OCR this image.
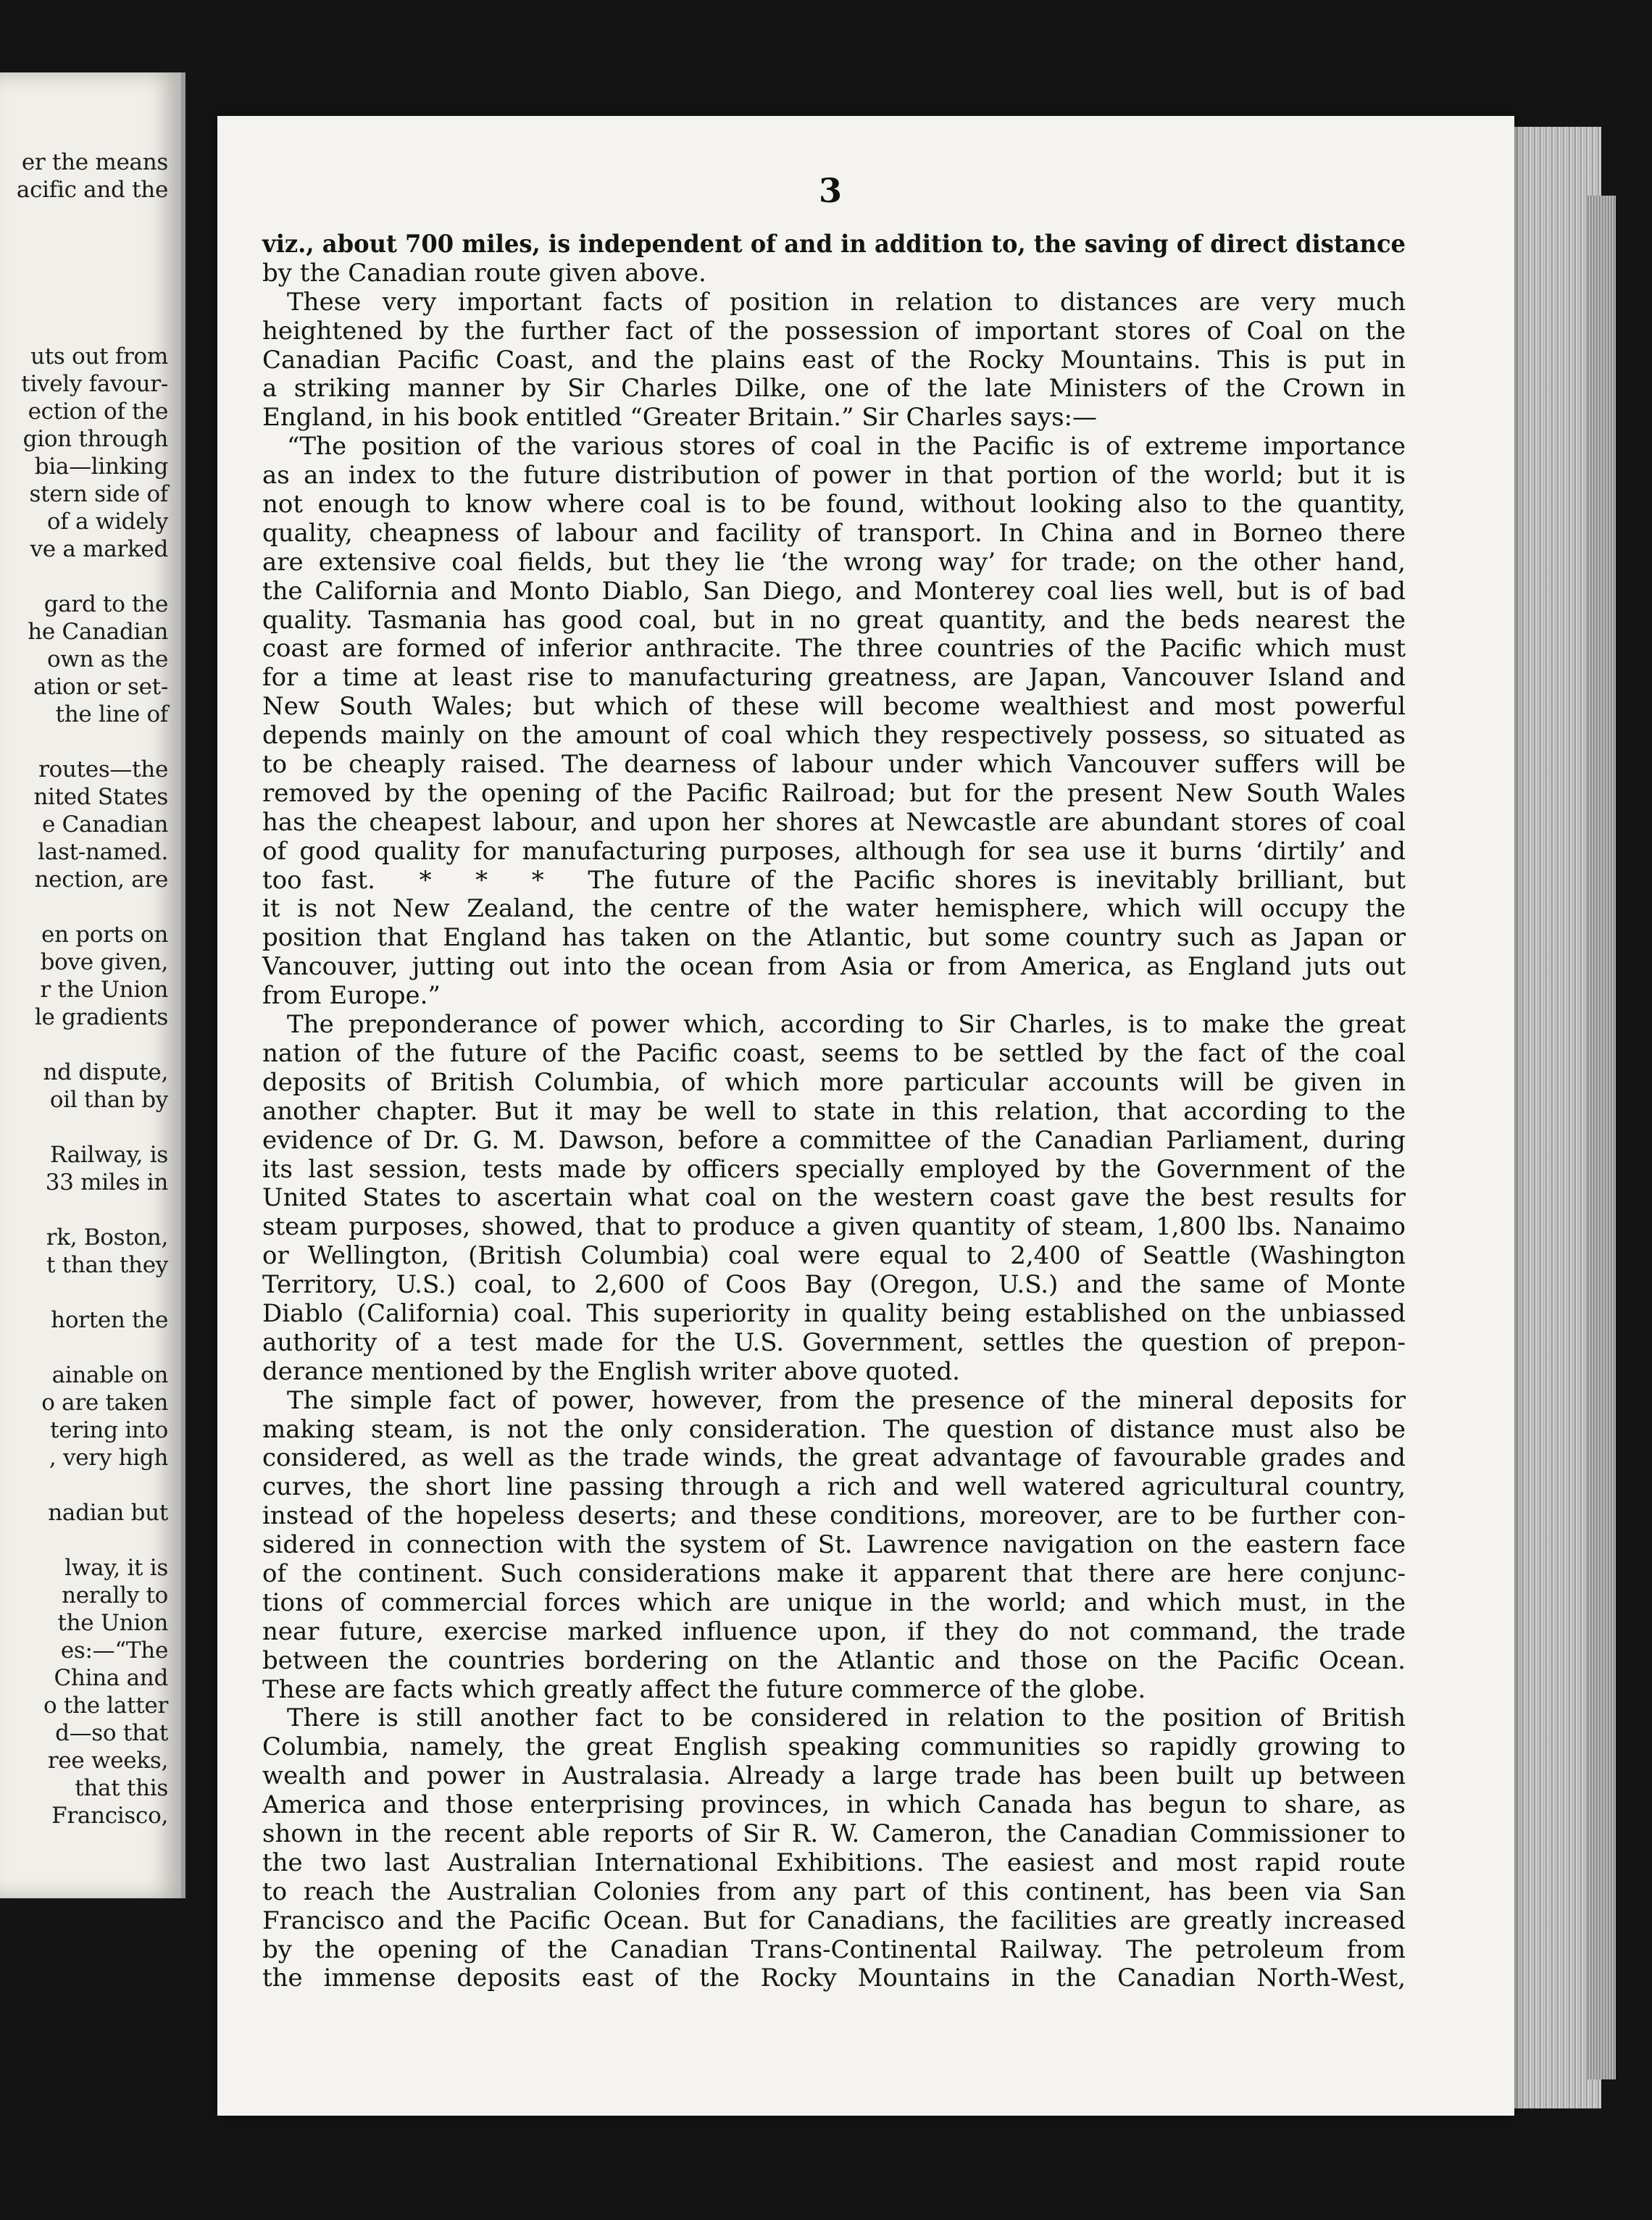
er the means
acific and the
uts out from
tively favour-
ection of the
gion through
bia—linking
stern side of
of a widely
ve a marked
gard to the
he Canadian
own as the
ation or set-
the line of
routes—the
nited States
e Canadian
last-named.
nection, are
en ports on
bove given,
r the Union
le gradients
nd dispute,
oil than by
Railway, is
33 miles in
rk, Boston,
t than they
horten the
ainable on
o are taken
tering into
, very high
nadian but
lway, it is
nerally to
the Union
es:—“The
China and
o the latter
d—so that
ree weeks,
that this
Francisco,
3
viz., about 700 miles, is independent of and in addition to, the saving of direct distance
by the Canadian route given above.
 These very important facts of position in relation to distances are very much
heightened by the further fact of the possession of important stores of Coal on the
Canadian Pacific Coast, and the plains east of the Rocky Mountains. This is put in
a striking manner by Sir Charles Dilke, one of the late Ministers of the Crown in
England, in his book entitled “Greater Britain.” Sir Charles says:—
 “The position of the various stores of coal in the Pacific is of extreme importance
as an index to the future distribution of power in that portion of the world; but it is
not enough to know where coal is to be found, without looking also to the quantity,
quality, cheapness of labour and facility of transport. In China and in Borneo there
are extensive coal fields, but they lie ‘the wrong way’ for trade; on the other hand,
the California and Monto Diablo, San Diego, and Monterey coal lies well, but is of bad
quality. Tasmania has good coal, but in no great quantity, and the beds nearest the
coast are formed of inferior anthracite. The three countries of the Pacific which must
for a time at least rise to manufacturing greatness, are Japan, Vancouver Island and
New South Wales; but which of these will become wealthiest and most powerful
depends mainly on the amount of coal which they respectively possess, so situated as
to be cheaply raised. The dearness of labour under which Vancouver suffers will be
removed by the opening of the Pacific Railroad; but for the present New South Wales
has the cheapest labour, and upon her shores at Newcastle are abundant stores of coal
of good quality for manufacturing purposes, although for sea use it burns ‘dirtily’ and
too fast.  *  *  *  The future of the Pacific shores is inevitably brilliant, but
it is not New Zealand, the centre of the water hemisphere, which will occupy the
position that England has taken on the Atlantic, but some country such as Japan or
Vancouver, jutting out into the ocean from Asia or from America, as England juts out
from Europe.”
 The preponderance of power which, according to Sir Charles, is to make the great
nation of the future of the Pacific coast, seems to be settled by the fact of the coal
deposits of British Columbia, of which more particular accounts will be given in
another chapter. But it may be well to state in this relation, that according to the
evidence of Dr. G. M. Dawson, before a committee of the Canadian Parliament, during
its last session, tests made by officers specially employed by the Government of the
United States to ascertain what coal on the western coast gave the best results for
steam purposes, showed, that to produce a given quantity of steam, 1,800 lbs. Nanaimo
or Wellington, (British Columbia) coal were equal to 2,400 of Seattle (Washington
Territory, U.S.) coal, to 2,600 of Coos Bay (Oregon, U.S.) and the same of Monte
Diablo (California) coal. This superiority in quality being established on the unbiassed
authority of a test made for the U.S. Government, settles the question of prepon-
derance mentioned by the English writer above quoted.
 The simple fact of power, however, from the presence of the mineral deposits for
making steam, is not the only consideration. The question of distance must also be
considered, as well as the trade winds, the great advantage of favourable grades and
curves, the short line passing through a rich and well watered agricultural country,
instead of the hopeless deserts; and these conditions, moreover, are to be further con-
sidered in connection with the system of St. Lawrence navigation on the eastern face
of the continent. Such considerations make it apparent that there are here conjunc-
tions of commercial forces which are unique in the world; and which must, in the
near future, exercise marked influence upon, if they do not command, the trade
between the countries bordering on the Atlantic and those on the Pacific Ocean.
These are facts which greatly affect the future commerce of the globe.
 There is still another fact to be considered in relation to the position of British
Columbia, namely, the great English speaking communities so rapidly growing to
wealth and power in Australasia. Already a large trade has been built up between
America and those enterprising provinces, in which Canada has begun to share, as
shown in the recent able reports of Sir R. W. Cameron, the Canadian Commissioner to
the two last Australian International Exhibitions. The easiest and most rapid route
to reach the Australian Colonies from any part of this continent, has been via San
Francisco and the Pacific Ocean. But for Canadians, the facilities are greatly increased
by the opening of the Canadian Trans-Continental Railway. The petroleum from
the immense deposits east of the Rocky Mountains in the Canadian North-West,
